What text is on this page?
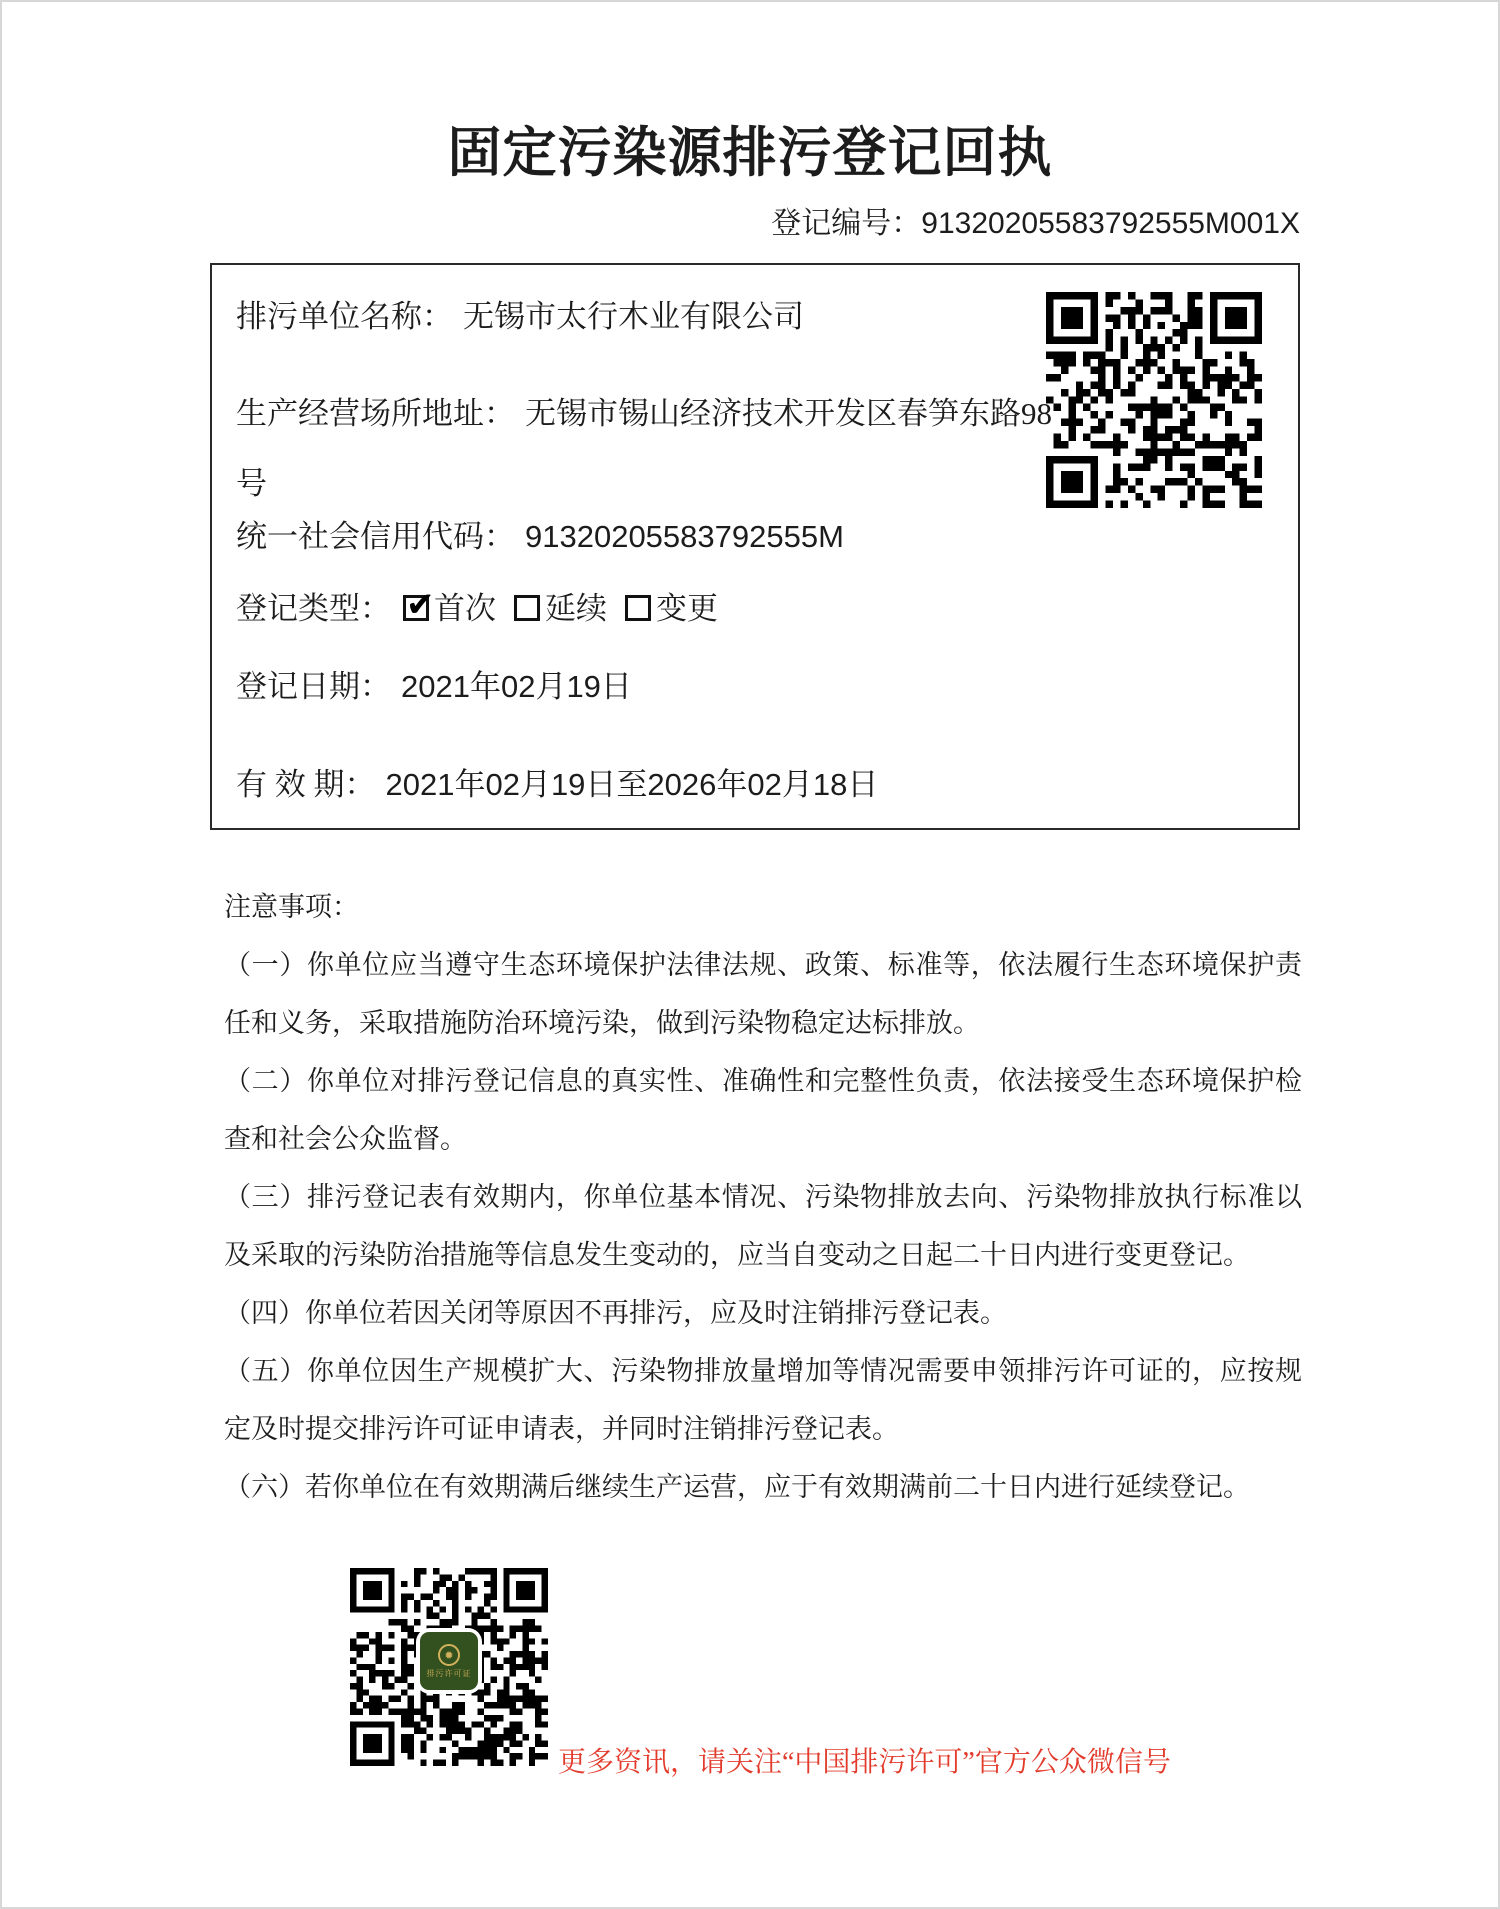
固定污染源排污登记回执
登记编号：91320205583792555M001X
排污单位名称： 无锡市太行木业有限公司
生产经营场所地址： 无锡市锡山经济技术开发区春笋东路98号
统一社会信用代码： 91320205583792555M
登记类型： ✔ 首次 延续 变更
登记日期： 2021年02月19日
有 效 期： 2021年02月19日至2026年02月18日

注意事项：

（一）你单位应当遵守生态环境保护法律法规、政策、标准等，依法履行生态环境保护责任和义务，采取措施防治环境污染，做到污染物稳定达标排放。

（二）你单位对排污登记信息的真实性、准确性和完整性负责，依法接受生态环境保护检查和社会公众监督。

（三）排污登记表有效期内，你单位基本情况、污染物排放去向、污染物排放执行标准以及采取的污染防治措施等信息发生变动的，应当自变动之日起二十日内进行变更登记。

（四）你单位若因关闭等原因不再排污，应及时注销排污登记表。

（五）你单位因生产规模扩大、污染物排放量增加等情况需要申领排污许可证的，应按规定及时提交排污许可证申请表，并同时注销排污登记表。

（六）若你单位在有效期满后继续生产运营，应于有效期满前二十日内进行延续登记。

✹
排污许可证
更多资讯，请关注“中国排污许可”官方公众微信号
